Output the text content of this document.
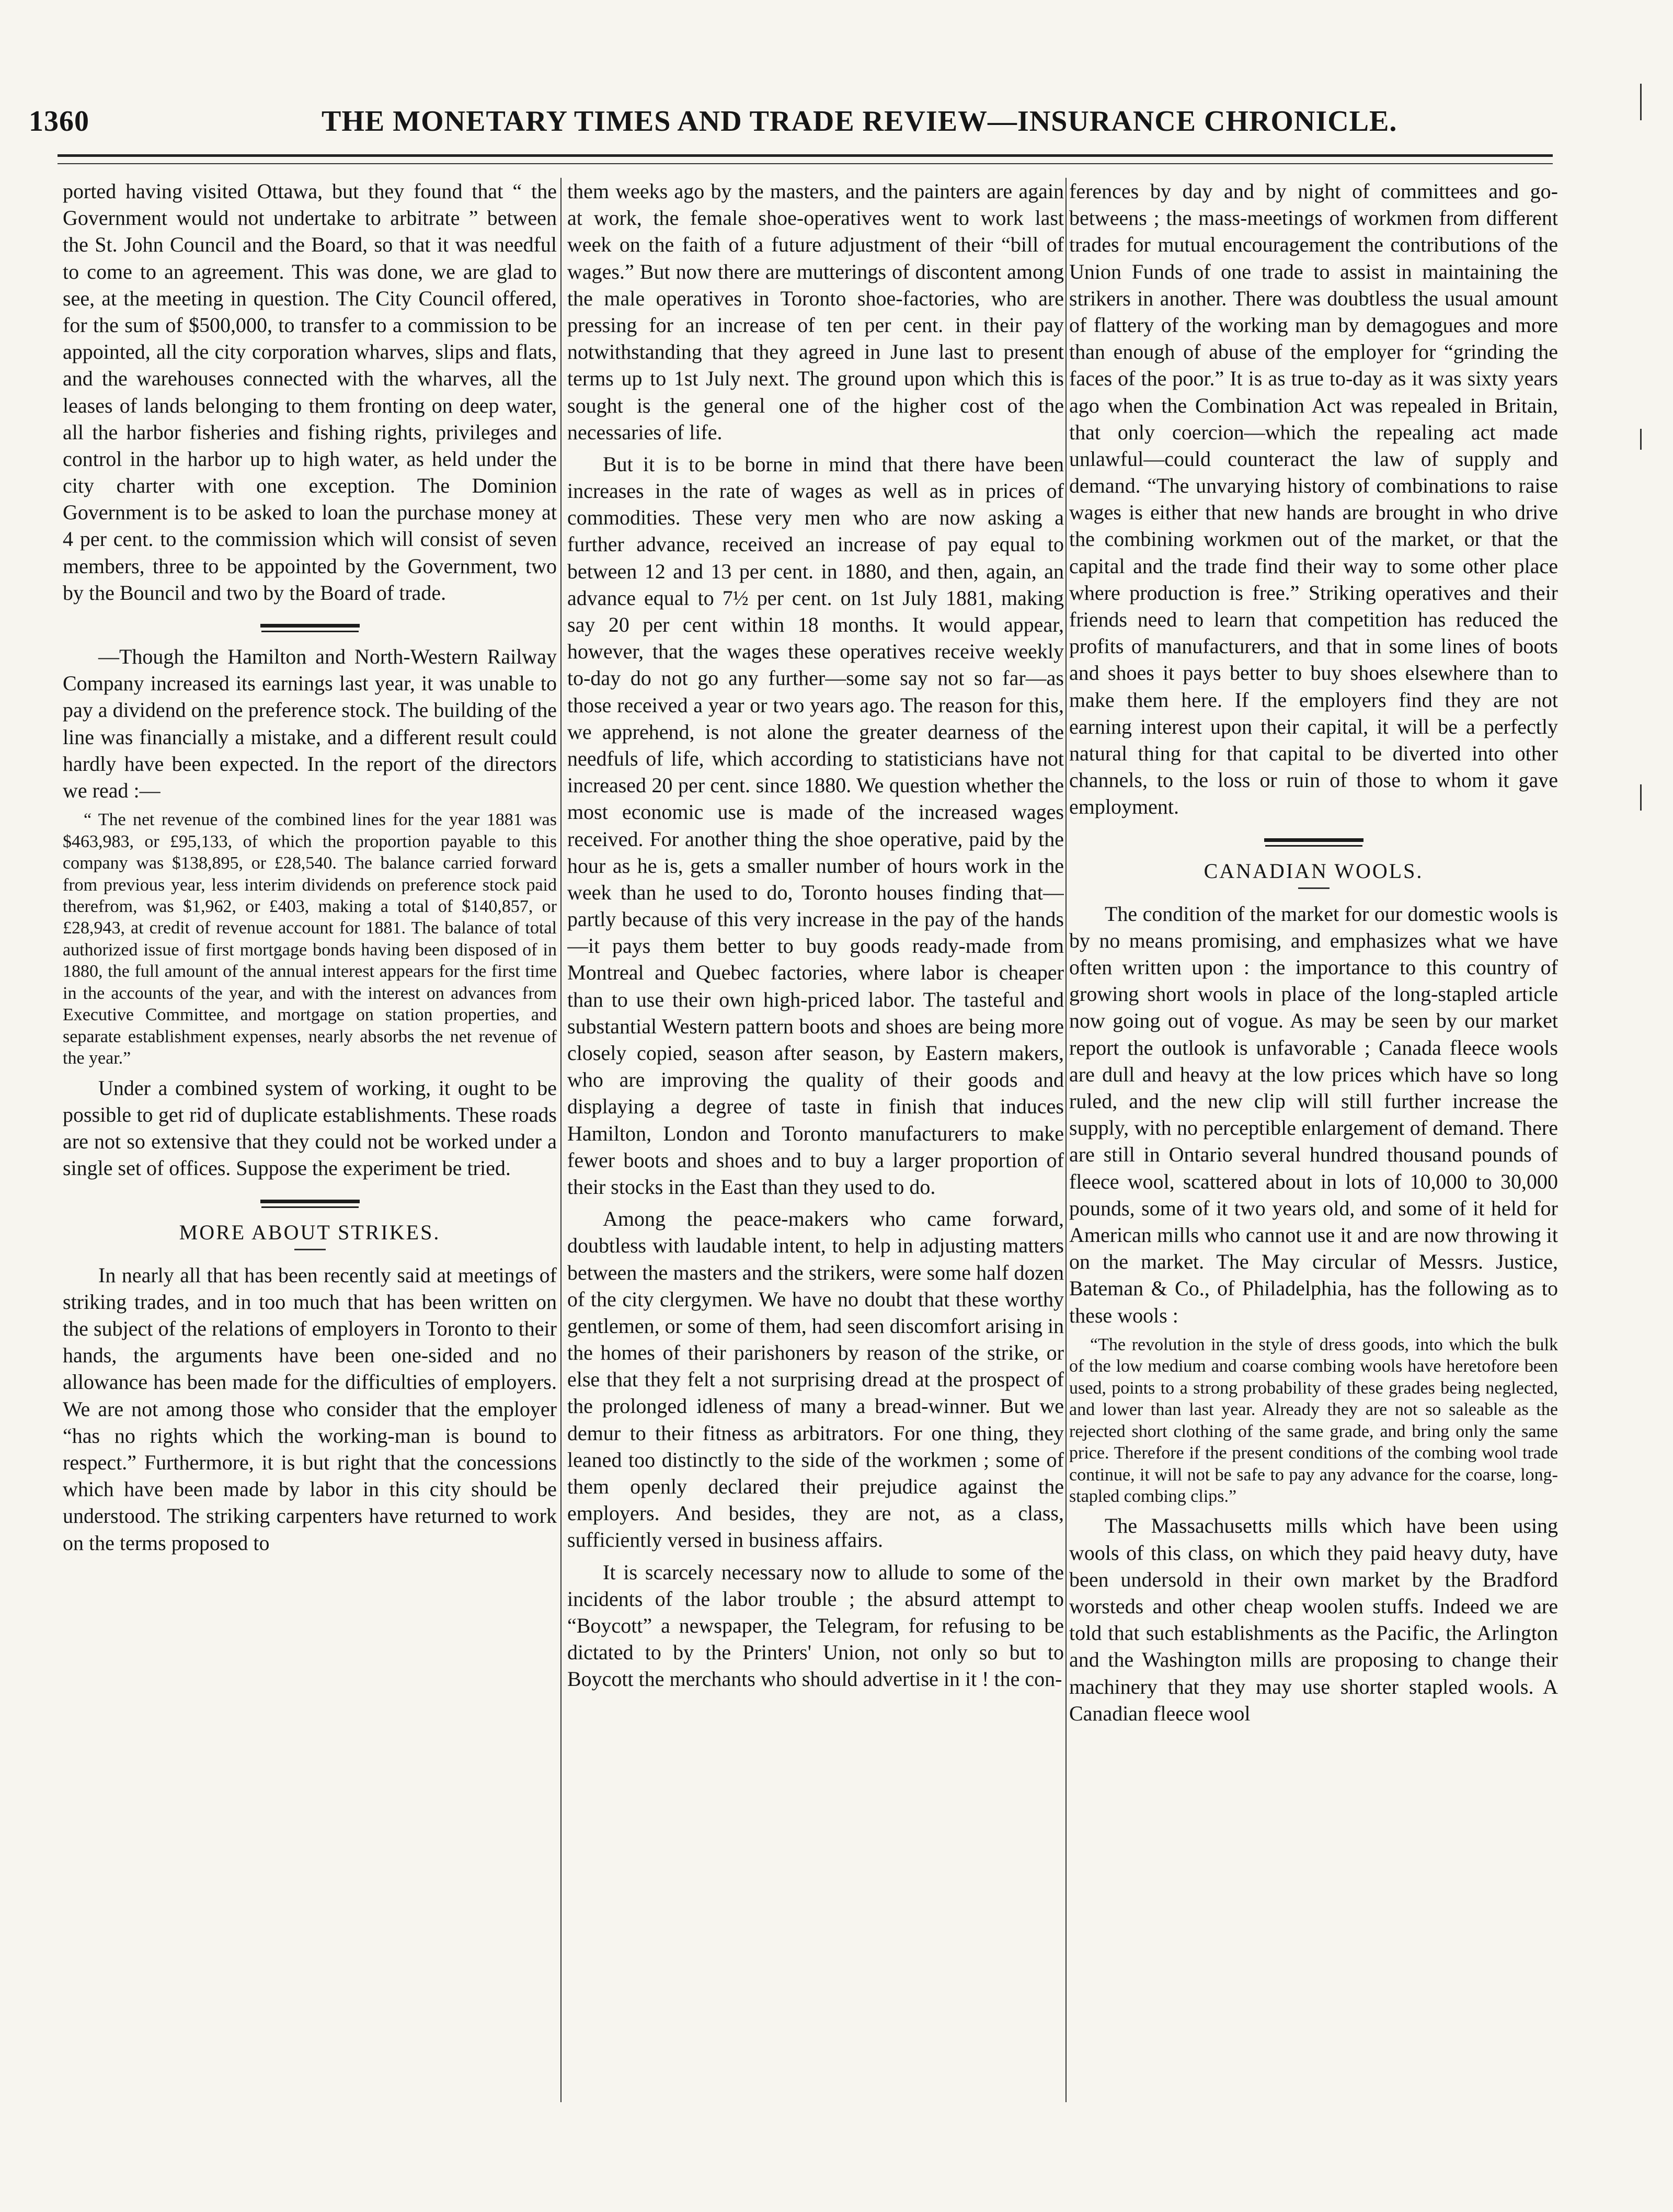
1360	THE MONETARY TIMES AND TRADE REVIEW—INSURANCE CHRONICLE.

ported having visited Ottawa, but they found that “ the Government would not undertake to arbitrate ” between the St. John Council and the Board, so that it was needful to come to an agreement. This was done, we are glad to see, at the meeting in question. The City Council offered, for the sum of $500,000, to transfer to a commission to be appointed, all the city corporation wharves, slips and flats, and the warehouses connected with the wharves, all the leases of lands belonging to them fronting on deep water, all the harbor fisheries and fishing rights, privileges and control in the harbor up to high water, as held under the city charter with one exception. The Dominion Government is to be asked to loan the purchase money at 4 per cent. to the commission which will consist of seven members, three to be appointed by the Government, two by the Bouncil and two by the Board of trade.

—Though the Hamilton and North-Western Railway Company increased its earnings last year, it was unable to pay a dividend on the preference stock. The building of the line was financially a mistake, and a different result could hardly have been expected. In the report of the directors we read :—

“ The net revenue of the combined lines for the year 1881 was $463,983, or £95,133, of which the proportion payable to this company was $138,895, or £28,540. The balance carried forward from previous year, less interim dividends on preference stock paid therefrom, was $1,962, or £403, making a total of $140,857, or £28,943, at credit of revenue account for 1881. The balance of total authorized issue of first mortgage bonds having been disposed of in 1880, the full amount of the annual interest appears for the first time in the accounts of the year, and with the interest on advances from Executive Committee, and mortgage on station properties, and separate establishment expenses, nearly absorbs the net revenue of the year.”

Under a combined system of working, it ought to be possible to get rid of duplicate establishments. These roads are not so extensive that they could not be worked under a single set of offices. Suppose the experiment be tried.

MORE ABOUT STRIKES.

In nearly all that has been recently said at meetings of striking trades, and in too much that has been written on the subject of the relations of employers in Toronto to their hands, the arguments have been one-sided and no allowance has been made for the difficulties of employers. We are not among those who consider that the employer “has no rights which the working-man is bound to respect.” Furthermore, it is but right that the concessions which have been made by labor in this city should be understood. The striking carpenters have returned to work on the terms proposed to

them weeks ago by the masters, and the painters are again at work, the female shoe-operatives went to work last week on the faith of a future adjustment of their “bill of wages.” But now there are mutterings of discontent among the male operatives in Toronto shoe-factories, who are pressing for an increase of ten per cent. in their pay notwithstanding that they agreed in June last to present terms up to 1st July next. The ground upon which this is sought is the general one of the higher cost of the necessaries of life.

But it is to be borne in mind that there have been increases in the rate of wages as well as in prices of commodities. These very men who are now asking a further advance, received an increase of pay equal to between 12 and 13 per cent. in 1880, and then, again, an advance equal to 7½ per cent. on 1st July 1881, making say 20 per cent within 18 months. It would appear, however, that the wages these operatives receive weekly to-day do not go any further—some say not so far—as those received a year or two years ago. The reason for this, we apprehend, is not alone the greater dearness of the needfuls of life, which according to statisticians have not increased 20 per cent. since 1880. We question whether the most economic use is made of the increased wages received. For another thing the shoe operative, paid by the hour as he is, gets a smaller number of hours work in the week than he used to do, Toronto houses finding that—partly because of this very increase in the pay of the hands—it pays them better to buy goods ready-made from Montreal and Quebec factories, where labor is cheaper than to use their own high-priced labor. The tasteful and substantial Western pattern boots and shoes are being more closely copied, season after season, by Eastern makers, who are improving the quality of their goods and displaying a degree of taste in finish that induces Hamilton, London and Toronto manufacturers to make fewer boots and shoes and to buy a larger proportion of their stocks in the East than they used to do.

Among the peace-makers who came forward, doubtless with laudable intent, to help in adjusting matters between the masters and the strikers, were some half dozen of the city clergymen. We have no doubt that these worthy gentlemen, or some of them, had seen discomfort arising in the homes of their parishoners by reason of the strike, or else that they felt a not surprising dread at the prospect of the prolonged idleness of many a bread-winner. But we demur to their fitness as arbitrators. For one thing, they leaned too distinctly to the side of the workmen ; some of them openly declared their prejudice against the employers. And besides, they are not, as a class, sufficiently versed in business affairs.

It is scarcely necessary now to allude to some of the incidents of the labor trouble ; the absurd attempt to “Boycott” a newspaper, the Telegram, for refusing to be dictated to by the Printers' Union, not only so but to Boycott the merchants who should advertise in it ! the con-

ferences by day and by night of committees and go-betweens ; the mass-meetings of workmen from different trades for mutual encouragement the contributions of the Union Funds of one trade to assist in maintaining the strikers in another. There was doubtless the usual amount of flattery of the working man by demagogues and more than enough of abuse of the employer for “grinding the faces of the poor.” It is as true to-day as it was sixty years ago when the Combination Act was repealed in Britain, that only coercion—which the repealing act made unlawful—could counteract the law of supply and demand. “The unvarying history of combinations to raise wages is either that new hands are brought in who drive the combining workmen out of the market, or that the capital and the trade find their way to some other place where production is free.” Striking operatives and their friends need to learn that competition has reduced the profits of manufacturers, and that in some lines of boots and shoes it pays better to buy shoes elsewhere than to make them here. If the employers find they are not earning interest upon their capital, it will be a perfectly natural thing for that capital to be diverted into other channels, to the loss or ruin of those to whom it gave employment.

CANADIAN WOOLS.

The condition of the market for our domestic wools is by no means promising, and emphasizes what we have often written upon : the importance to this country of growing short wools in place of the long-stapled article now going out of vogue. As may be seen by our market report the outlook is unfavorable ; Canada fleece wools are dull and heavy at the low prices which have so long ruled, and the new clip will still further increase the supply, with no perceptible enlargement of demand. There are still in Ontario several hundred thousand pounds of fleece wool, scattered about in lots of 10,000 to 30,000 pounds, some of it two years old, and some of it held for American mills who cannot use it and are now throwing it on the market. The May circular of Messrs. Justice, Bateman & Co., of Philadelphia, has the following as to these wools :

“The revolution in the style of dress goods, into which the bulk of the low medium and coarse combing wools have heretofore been used, points to a strong probability of these grades being neglected, and lower than last year. Already they are not so saleable as the rejected short clothing of the same grade, and bring only the same price. Therefore if the present conditions of the combing wool trade continue, it will not be safe to pay any advance for the coarse, long-stapled combing clips.”

The Massachusetts mills which have been using wools of this class, on which they paid heavy duty, have been undersold in their own market by the Bradford worsteds and other cheap woolen stuffs. Indeed we are told that such establishments as the Pacific, the Arlington and the Washington mills are proposing to change their machinery that they may use shorter stapled wools. A Canadian fleece wool
